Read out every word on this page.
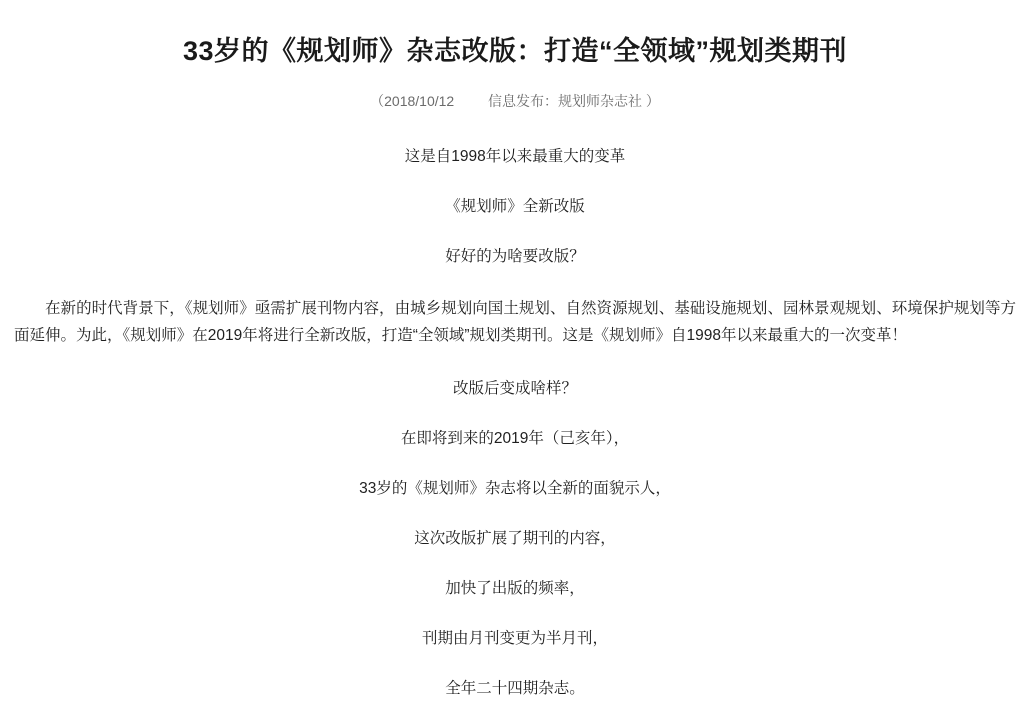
33岁的《规划师》杂志改版：打造“全领域”规划类期刊
（2018/10/12 信息发布：规划师杂志社 ）

这是自1998年以来最重大的变革

《规划师》全新改版

好好的为啥要改版？

在新的时代背景下，《规划师》亟需扩展刊物内容，由城乡规划向国土规划、自然资源规划、基础设施规划、园林景观规划、环境保护规划等方面延伸。为此，《规划师》在2019年将进行全新改版，打造“全领域”规划类期刊。这是《规划师》自1998年以来最重大的一次变革！

改版后变成啥样？

在即将到来的2019年（己亥年），

33岁的《规划师》杂志将以全新的面貌示人，

这次改版扩展了期刊的内容，

加快了出版的频率，

刊期由月刊变更为半月刊，

全年二十四期杂志。
